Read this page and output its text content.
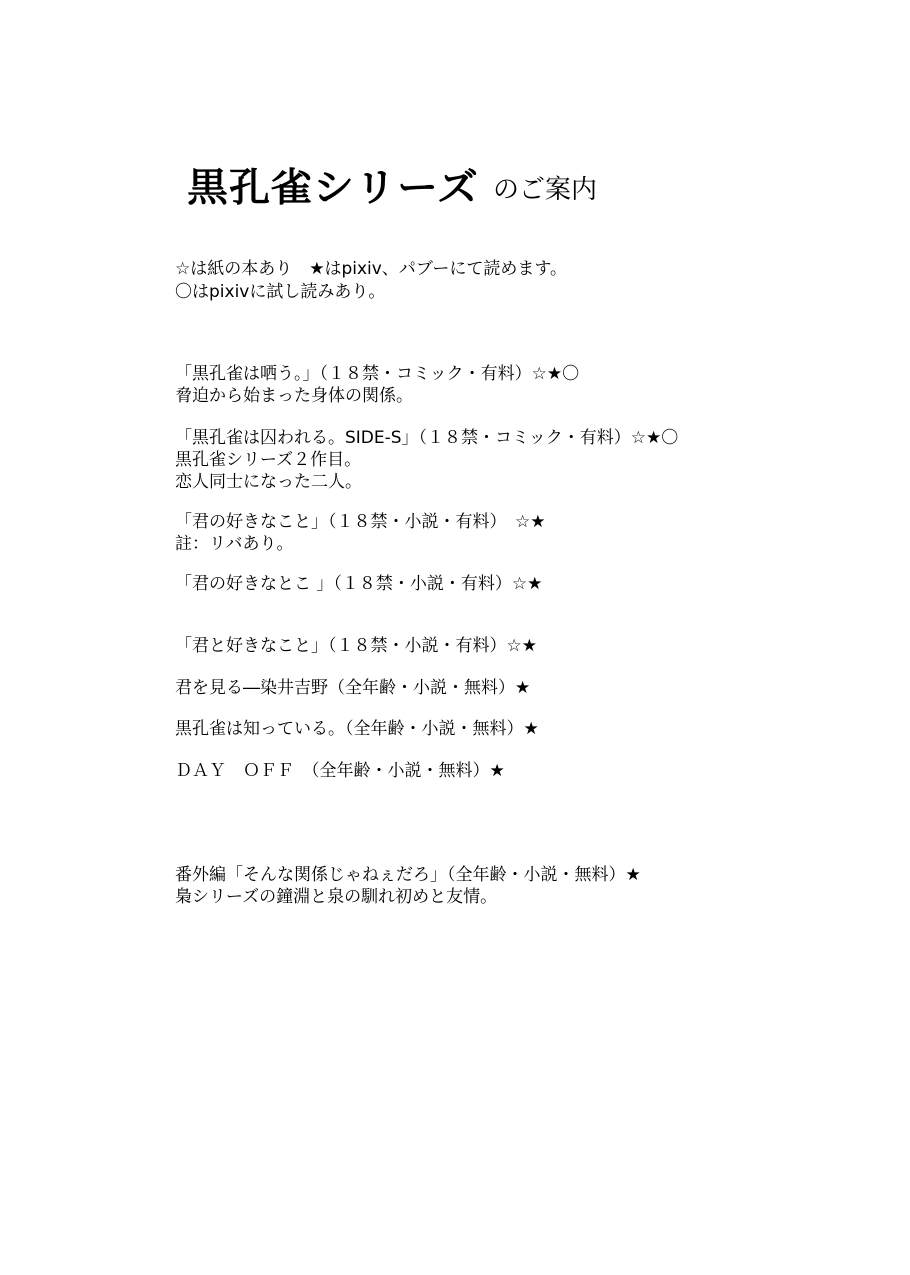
黒孔雀シリーズ のご案内
☆は紙の本あり　★はpixiv、パブーにて読めます。
〇はpixivに試し読みあり。
「黒孔雀は哂う。」（１８禁・コミック・有料）☆★〇
脅迫から始まった身体の関係。
「黒孔雀は囚われる。SIDE-S」（１８禁・コミック・有料）☆★〇
黒孔雀シリーズ２作目。
恋人同士になった二人。
「君の好きなこと」（１８禁・小説・有料）　☆★
註：リバあり。
「君の好きなとこ 」（１８禁・小説・有料）☆★
「君と好きなこと」（１８禁・小説・有料）☆★
君を見る―染井吉野（全年齢・小説・無料）★
黒孔雀は知っている。（全年齢・小説・無料）★
ＤＡＹ　ＯＦＦ　（全年齢・小説・無料）★
番外編「そんな関係じゃねぇだろ」（全年齢・小説・無料）★
梟シリーズの鐘淵と泉の馴れ初めと友情。
